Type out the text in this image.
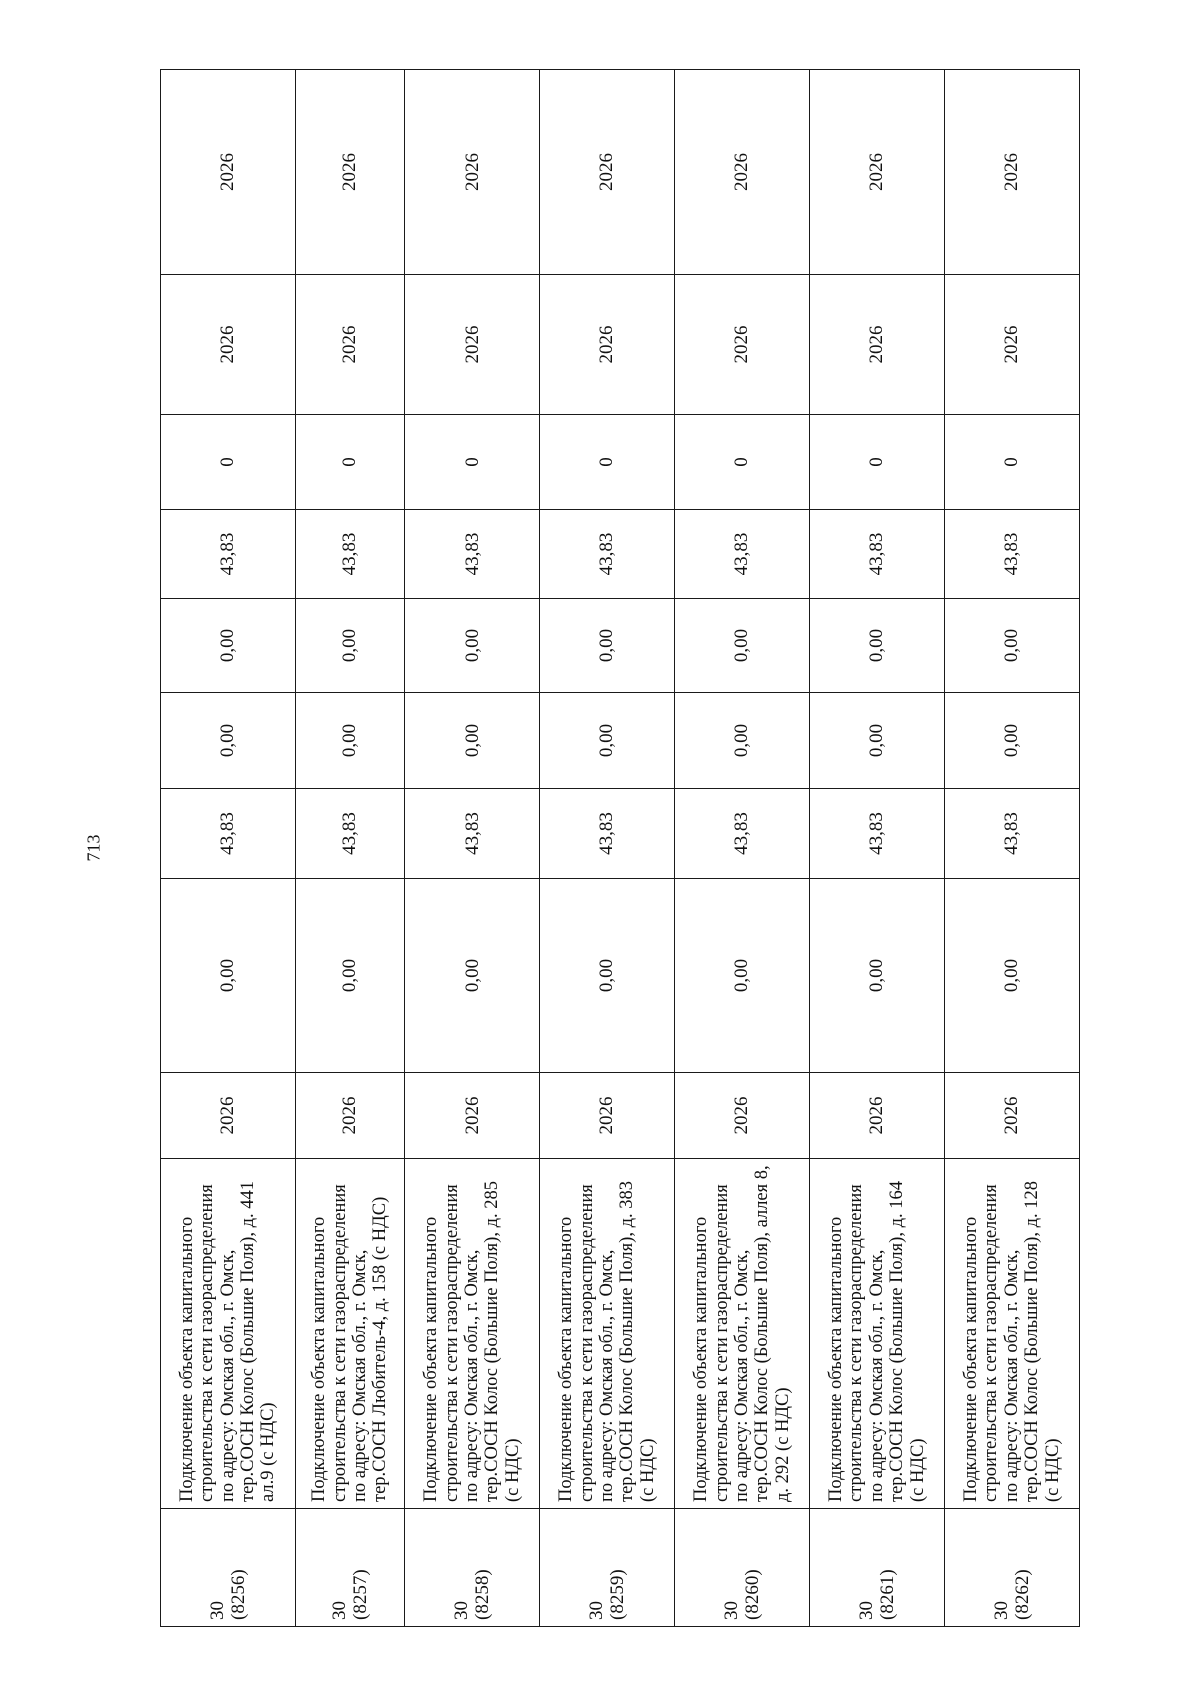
713
30 (8256)	Подключение объекта капитального строительства к сети газораспределения по адресу: Омская обл., г. Омск, тер.СОСН Колос (Большие Поля), д. 441 ал.9 (с НДС)	2026	0,00	43,83	0,00	0,00	43,83	0	2026	2026

30 (8257)	Подключение объекта капитального строительства к сети газораспределения по адресу: Омская обл., г. Омск, тер.СОСН Любитель-4, д. 158 (с НДС)	2026	0,00	43,83	0,00	0,00	43,83	0	2026	2026

30 (8258)	Подключение объекта капитального строительства к сети газораспределения по адресу: Омская обл., г. Омск, тер.СОСН Колос (Большие Поля), д. 285 (с НДС)	2026	0,00	43,83	0,00	0,00	43,83	0	2026	2026

30 (8259)	Подключение объекта капитального строительства к сети газораспределения по адресу: Омская обл., г. Омск, тер.СОСН Колос (Большие Поля), д. 383 (с НДС)	2026	0,00	43,83	0,00	0,00	43,83	0	2026	2026

30 (8260)	Подключение объекта капитального строительства к сети газораспределения по адресу: Омская обл., г. Омск, тер.СОСН Колос (Большие Поля), аллея 8, д. 292 (с НДС)	2026	0,00	43,83	0,00	0,00	43,83	0	2026	2026

30 (8261)	Подключение объекта капитального строительства к сети газораспределения по адресу: Омская обл., г. Омск, тер.СОСН Колос (Большие Поля), д. 164 (с НДС)	2026	0,00	43,83	0,00	0,00	43,83	0	2026	2026

30 (8262)	Подключение объекта капитального строительства к сети газораспределения по адресу: Омская обл., г. Омск, тер.СОСН Колос (Большие Поля), д. 128 (с НДС)	2026	0,00	43,83	0,00	0,00	43,83	0	2026	2026
